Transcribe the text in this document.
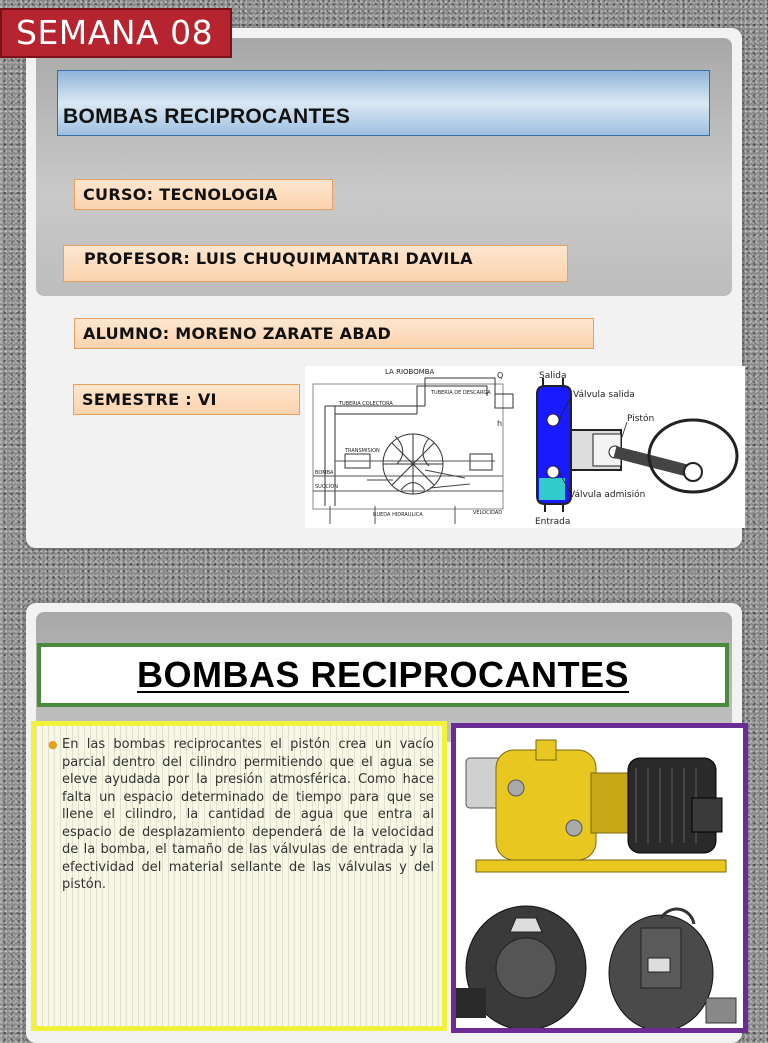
SEMANA 08
BOMBAS RECIPROCANTES
CURSO: TECNOLOGIA
PROFESOR: LUIS CHUQUIMANTARI DAVILA
ALUMNO: MORENO ZARATE ABAD
SEMESTRE : VI
LA RIOBOMBA
TUBERIA COLECTORA
TUBERIA DE DESCARGA
TRANSMISION
BOMBA
SUCCION
RUEDA HIDRAULICA	VELOCIDAD
Q
h
Salida
Válvula salida
Pistón
Válvula admisión
Entrada
BOMBAS RECIPROCANTES
● En las bombas reciprocantes el pistón crea un vacío parcial dentro del cilindro permitiendo que el agua se eleve ayudada por la presión atmosférica. Como hace falta un espacio determinado de tiempo para que se llene el cilindro, la cantidad de agua que entra al espacio de desplazamiento dependerá de la velocidad de la bomba, el tamaño de las válvulas de entrada y la efectividad del material sellante de las válvulas y del pistón.
